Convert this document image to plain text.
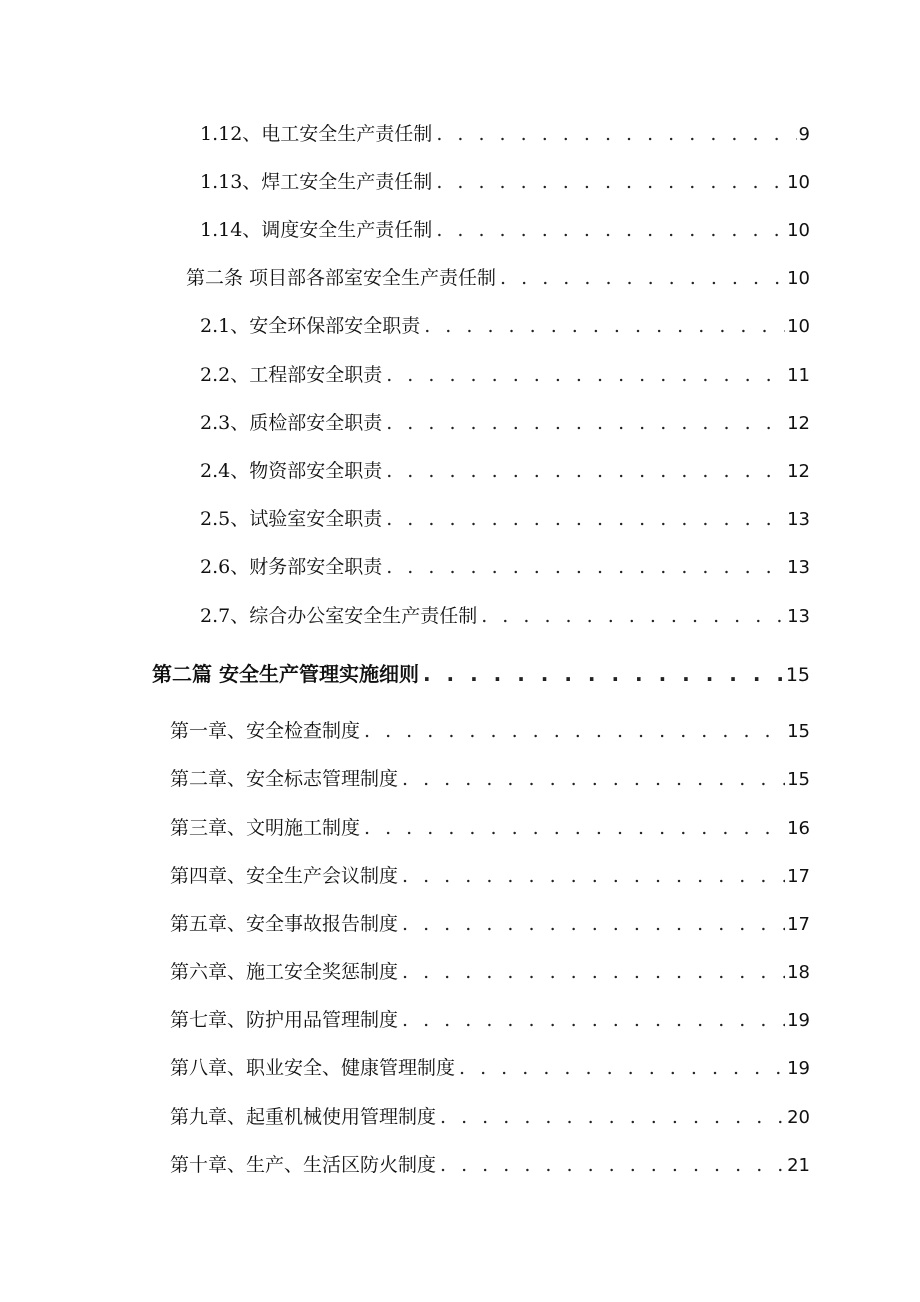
1.12、电工安全生产责任制 . . .	9
1.13、焊工安全生产责任制 . . .	10
1.14、调度安全生产责任制 . . .	10
第二条 项目部各部室安全生产责任制 . . .	10
2.1、安全环保部安全职责 . . .	10
2.2、工程部安全职责 . . .	11
2.3、质检部安全职责 . . .	12
2.4、物资部安全职责 . . .	12
2.5、试验室安全职责 . . .	13
2.6、财务部安全职责 . . .	13
2.7、综合办公室安全生产责任制 . . .	13
第二篇 安全生产管理实施细则 . . .	15
第一章、安全检查制度 . . .	15
第二章、安全标志管理制度 . . .	15
第三章、文明施工制度 . . .	16
第四章、安全生产会议制度 . . .	17
第五章、安全事故报告制度 . . .	17
第六章、施工安全奖惩制度 . . .	18
第七章、防护用品管理制度 . . .	19
第八章、职业安全、健康管理制度 . . .	19
第九章、起重机械使用管理制度 . . .	20
第十章、生产、生活区防火制度 . . .	21
